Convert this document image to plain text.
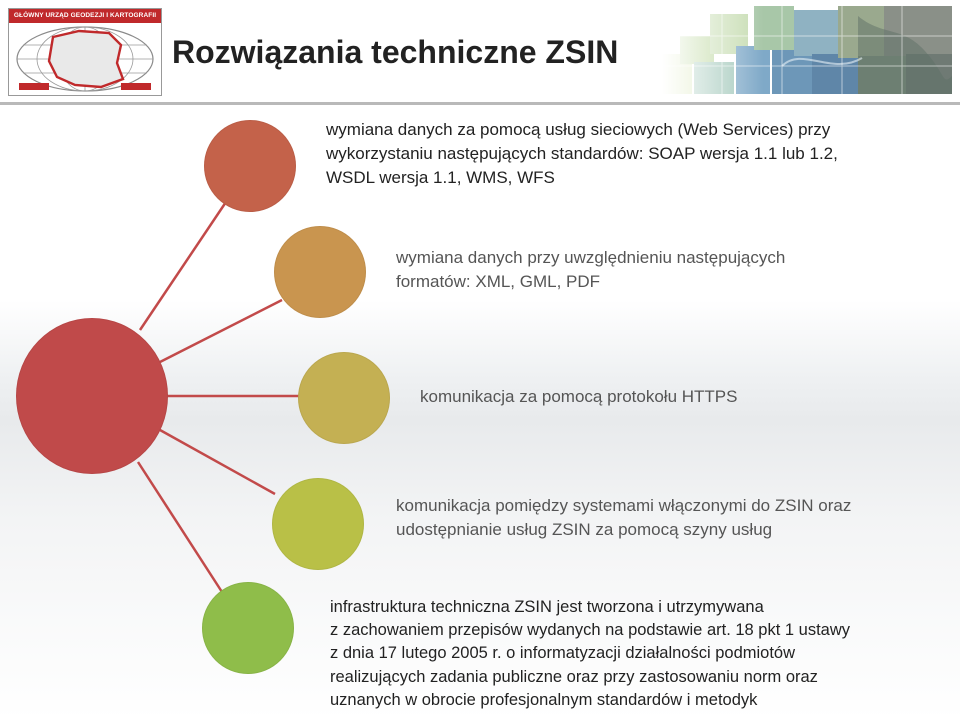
GŁÓWNY URZĄD GEODEZJI I KARTOGRAFII
Rozwiązania techniczne ZSIN

wymiana danych za pomocą usług sieciowych (Web Services) przy
wykorzystaniu następujących standardów: SOAP wersja 1.1 lub 1.2,
WSDL wersja 1.1, WMS, WFS

wymiana danych przy uwzględnieniu następujących
formatów: XML, GML, PDF

komunikacja za pomocą protokołu HTTPS

komunikacja pomiędzy systemami włączonymi do ZSIN oraz
udostępnianie usług ZSIN za pomocą szyny usług

infrastruktura techniczna ZSIN jest tworzona i utrzymywana
z zachowaniem przepisów wydanych na podstawie art. 18 pkt 1 ustawy
z dnia 17 lutego 2005 r. o informatyzacji działalności podmiotów
realizujących zadania publiczne oraz przy zastosowaniu norm oraz
uznanych w obrocie profesjonalnym standardów i metodyk
